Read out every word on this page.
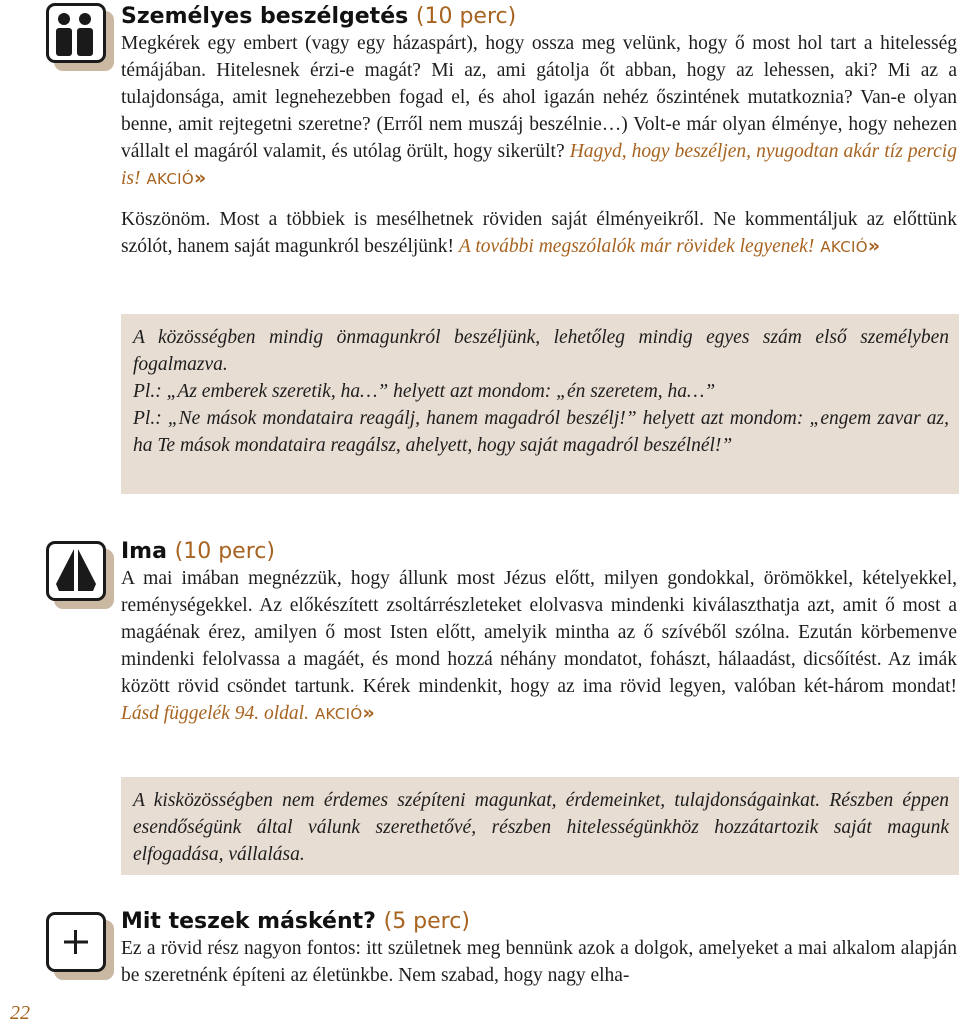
Személyes beszélgetés (10 perc)

Megkérek egy embert (vagy egy házaspárt), hogy ossza meg velünk, hogy ő most hol tart a hitelesség témájában. Hitelesnek érzi-e magát? Mi az, ami gátolja őt abban, hogy az lehessen, aki? Mi az a tulajdonsága, amit legnehezebben fogad el, és ahol igazán nehéz őszintének mutatkoznia? Van-e olyan benne, amit rejtegetni szeretne? (Erről nem muszáj beszélnie…) Volt-e már olyan élménye, hogy nehezen vállalt el magáról valamit, és utólag örült, hogy sikerült? Hagyd, hogy beszéljen, nyugodtan akár tíz percig is! AKCIÓ»

Köszönöm. Most a többiek is mesélhetnek röviden saját élményeikről. Ne kommentáljuk az előttünk szólót, hanem saját magunkról beszéljünk! A további megszólalók már rövidek legyenek! AKCIÓ»

A közösségben mindig önmagunkról beszéljünk, lehetőleg mindig egyes szám első személyben fogalmazva.

Pl.: „Az emberek szeretik, ha…” helyett azt mondom: „én szeretem, ha…”

Pl.: „Ne mások mondataira reagálj, hanem magadról beszélj!” helyett azt mondom: „engem zavar az, ha Te mások mondataira reagálsz, ahelyett, hogy saját magadról beszélnél!”

Ima (10 perc)

A mai imában megnézzük, hogy állunk most Jézus előtt, milyen gondokkal, örömökkel, kételyekkel, reménységekkel. Az előkészített zsoltárrészleteket elolvasva mindenki kiválaszthatja azt, amit ő most a magáénak érez, amilyen ő most Isten előtt, amelyik mintha az ő szívéből szólna. Ezután körbemenve mindenki felolvassa a magáét, és mond hozzá néhány mondatot, fohászt, hálaadást, dicsőítést. Az imák között rövid csöndet tartunk. Kérek mindenkit, hogy az ima rövid legyen, valóban két-három mondat! Lásd függelék 94. oldal. AKCIÓ»

A kisközösségben nem érdemes szépíteni magunkat, érdemeinket, tulajdonságainkat. Részben éppen esendőségünk által válunk szerethetővé, részben hitelességünkhöz hozzátartozik saját magunk elfogadása, vállalása.

Mit teszek másként? (5 perc)

Ez a rövid rész nagyon fontos: itt születnek meg bennünk azok a dolgok, amelyeket a mai alkalom alapján be szeretnénk építeni az életünkbe. Nem szabad, hogy nagy elha-

22
